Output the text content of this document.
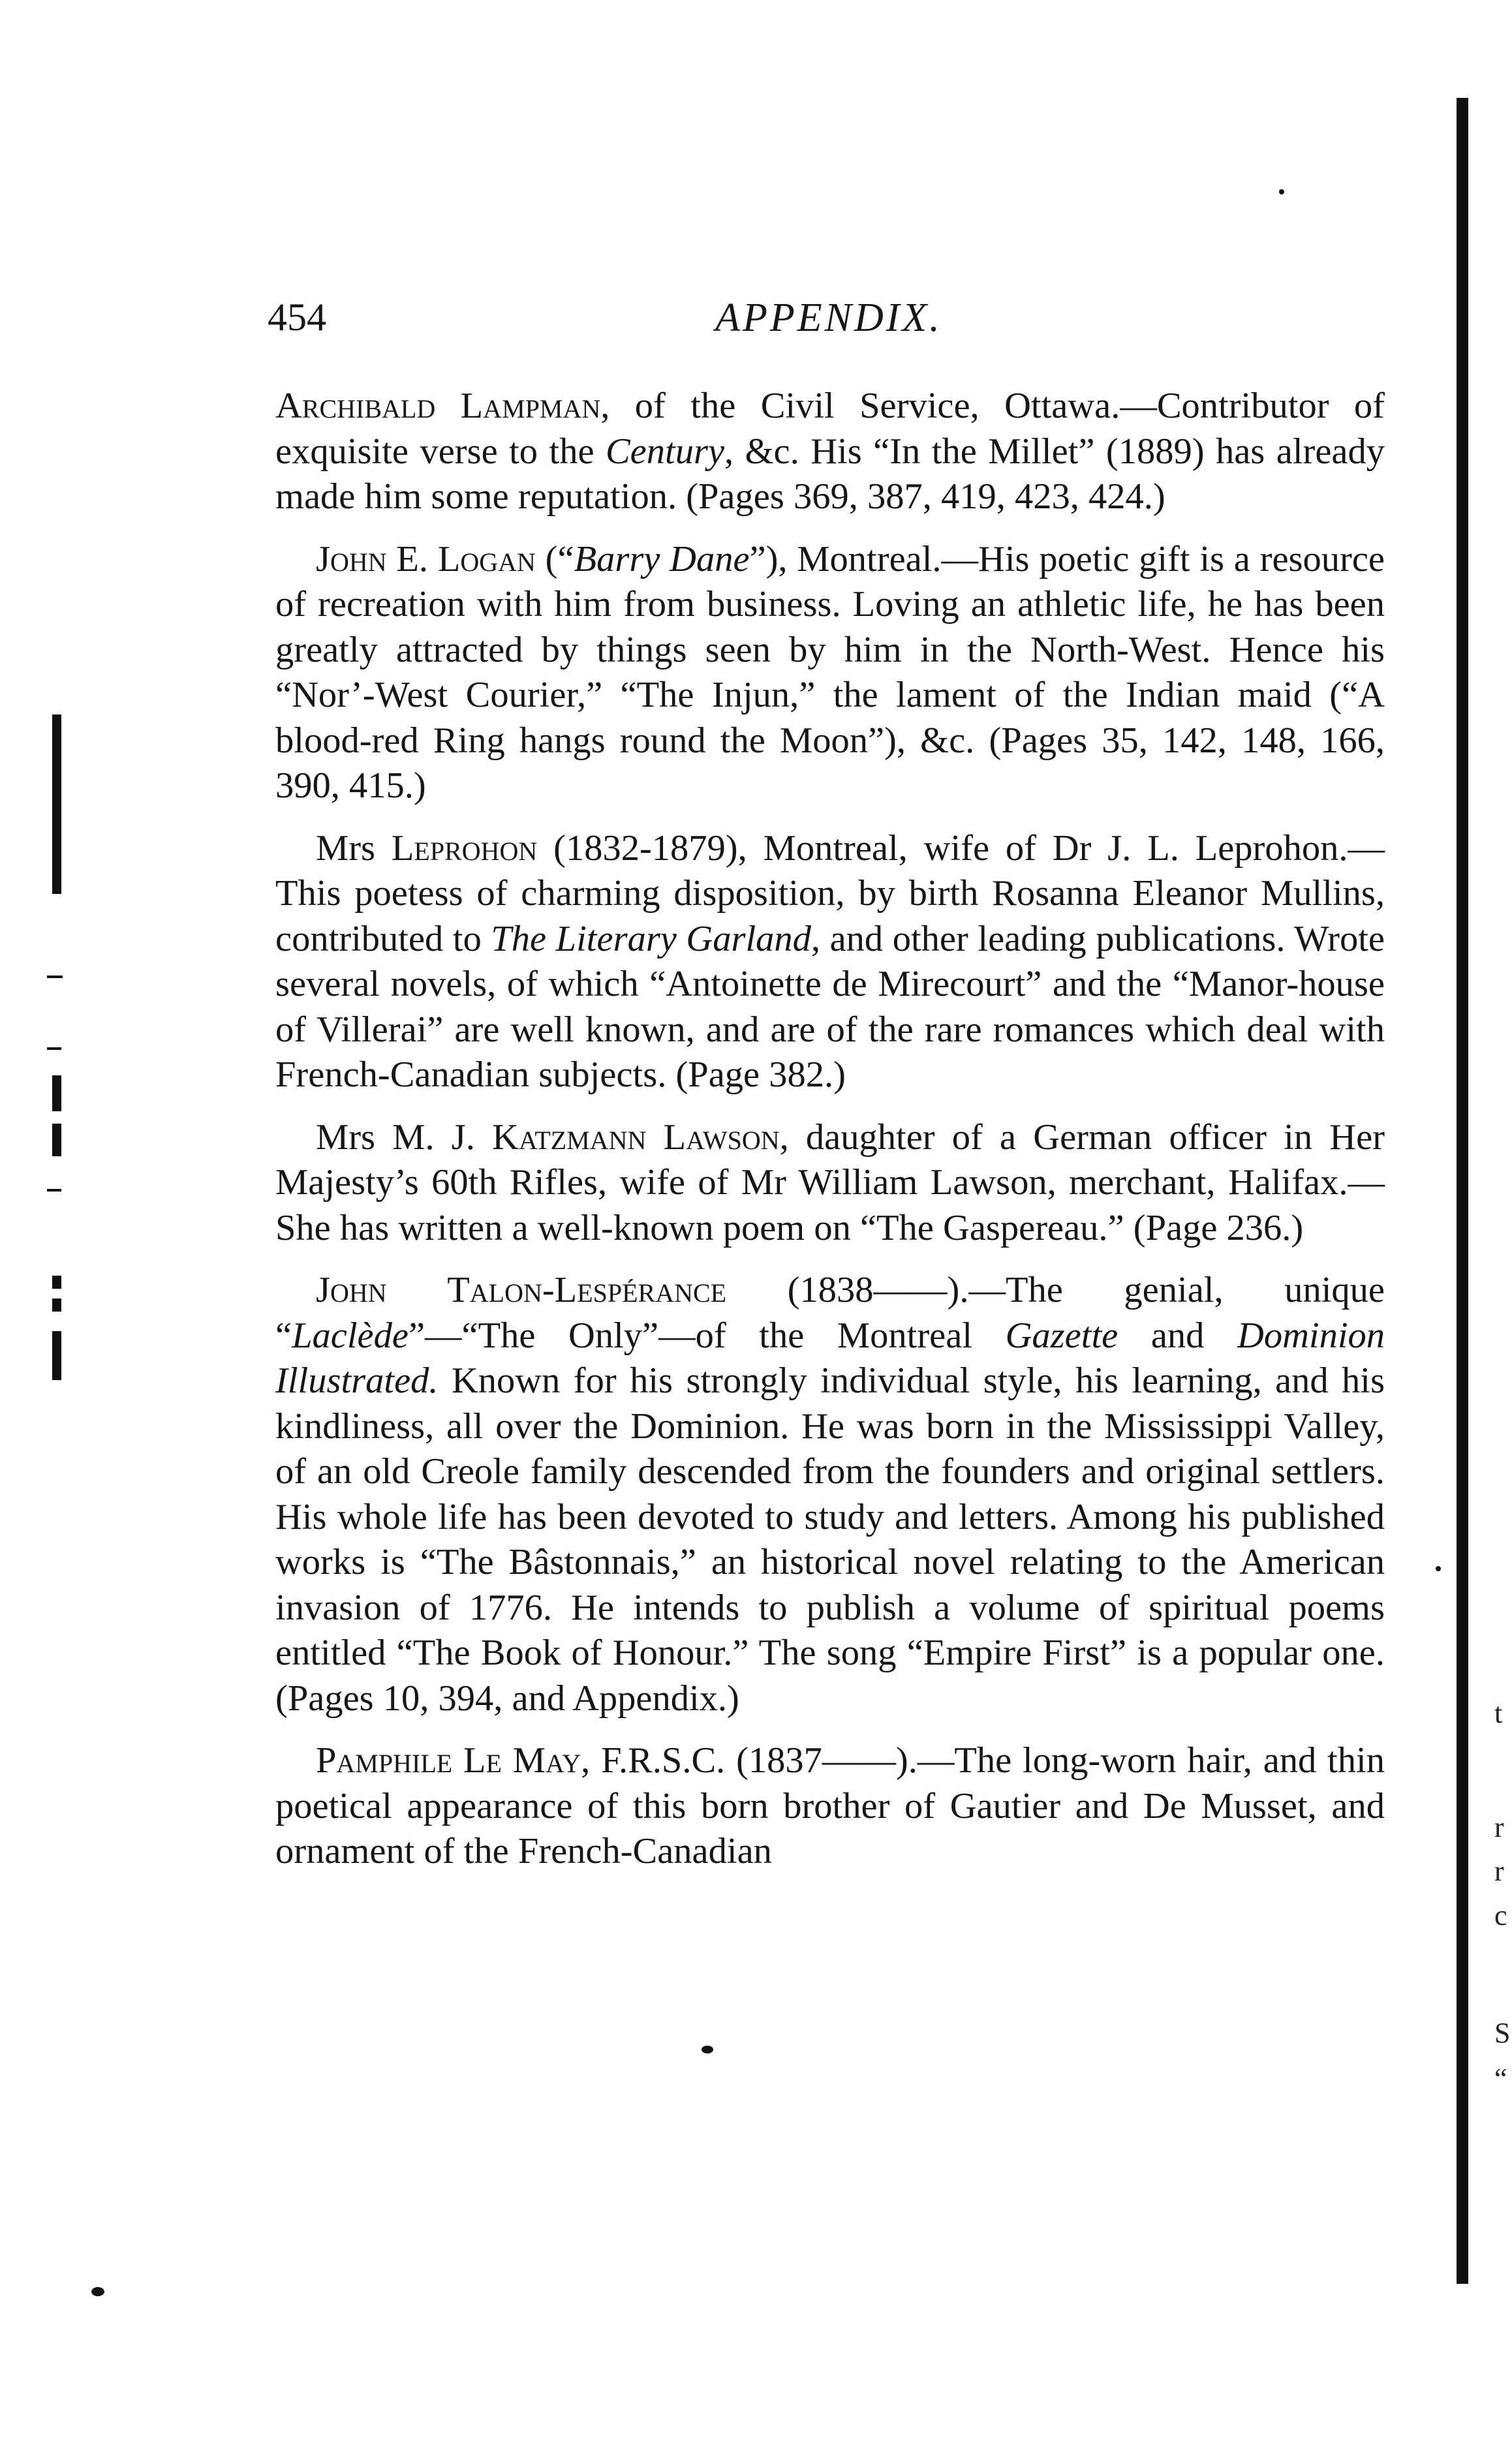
t
r
r
c
S
“
454	APPENDIX.

Archibald Lampman, of the Civil Service, Ottawa.—Contributor of exquisite verse to the Century, &c. His “In the Millet” (1889) has already made him some reputation. (Pages 369, 387, 419, 423, 424.)

John E. Logan (“Barry Dane”), Montreal.—His poetic gift is a resource of recreation with him from business. Loving an athletic life, he has been greatly attracted by things seen by him in the North-West. Hence his “Nor’-West Courier,” “The Injun,” the lament of the Indian maid (“A blood-red Ring hangs round the Moon”), &c. (Pages 35, 142, 148, 166, 390, 415.)

Mrs Leprohon (1832-1879), Montreal, wife of Dr J. L. Leprohon.—This poetess of charming disposition, by birth Rosanna Eleanor Mullins, contributed to The Literary Garland, and other leading publications. Wrote several novels, of which “Antoinette de Mirecourt” and the “Manor-house of Villerai” are well known, and are of the rare romances which deal with French-Canadian subjects. (Page 382.)

Mrs M. J. Katzmann Lawson, daughter of a German officer in Her Majesty’s 60th Rifles, wife of Mr William Lawson, merchant, Halifax.—She has written a well-known poem on “The Gaspereau.” (Page 236.)

John Talon-Lespérance (1838——).—The genial, unique “Laclède”—“The Only”—of the Montreal Gazette and Dominion Illustrated. Known for his strongly individual style, his learning, and his kindliness, all over the Dominion. He was born in the Mississippi Valley, of an old Creole family descended from the founders and original settlers. His whole life has been devoted to study and letters. Among his published works is “The Bâstonnais,” an historical novel relating to the American invasion of 1776. He intends to publish a volume of spiritual poems entitled “The Book of Honour.” The song “Empire First” is a popular one. (Pages 10, 394, and Appendix.)

Pamphile Le May, F.R.S.C. (1837——).—The long-worn hair, and thin poetical appearance of this born brother of Gautier and De Musset, and ornament of the French-Canadian
